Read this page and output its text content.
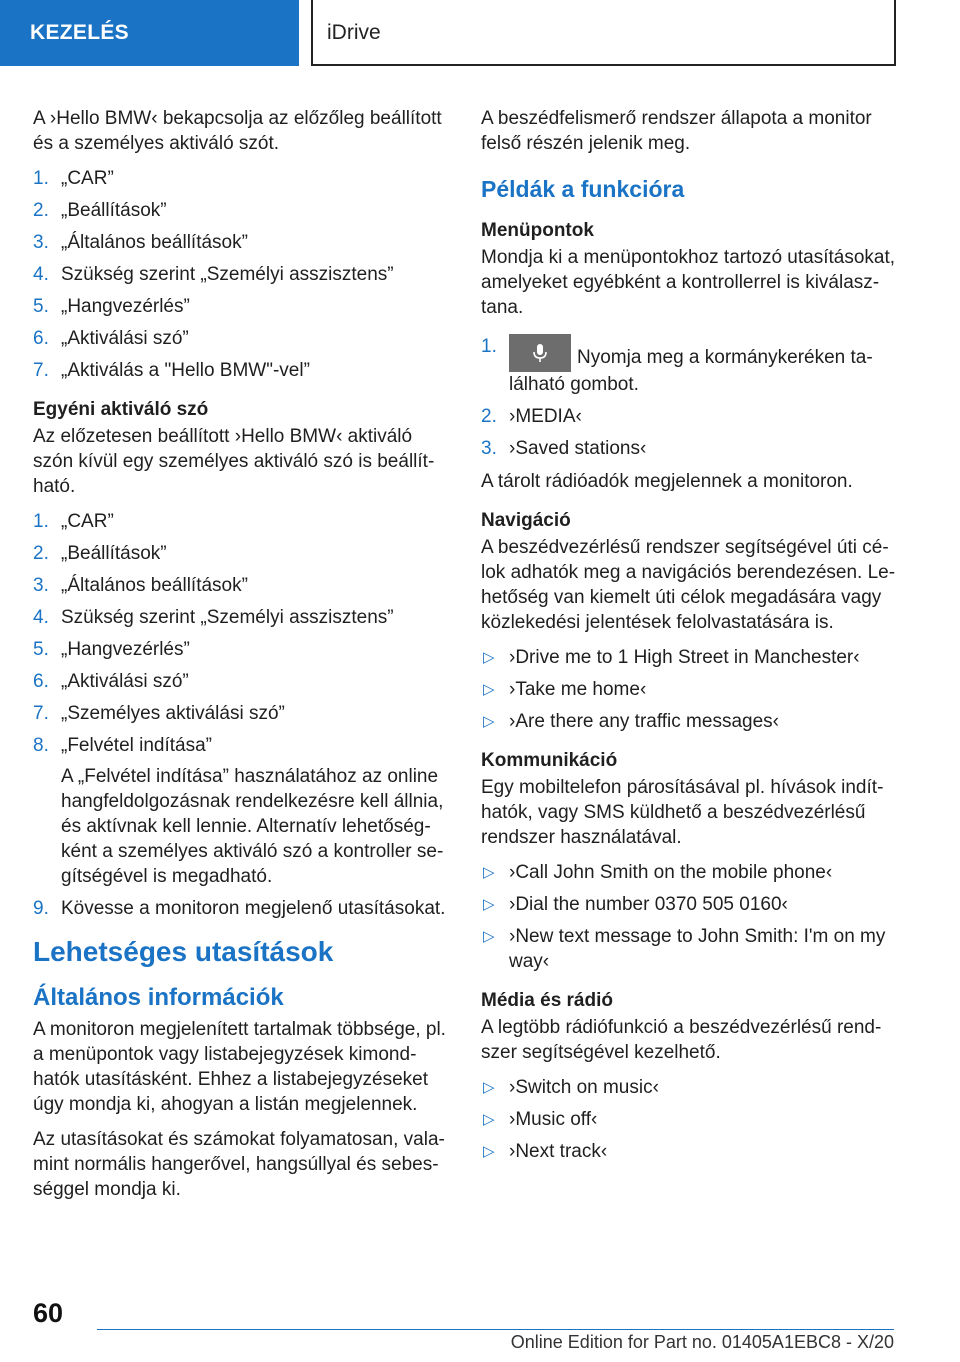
KEZELÉS	iDrive

A ›Hello BMW‹ bekapcsolja az előzőleg beállított és a személyes aktiváló szót.

1. „CAR”
2. „Beállítások”
3. „Általános beállítások”
4. Szükség szerint „Személyi asszisztens”
5. „Hangvezérlés”
6. „Aktiválási szó”
7. „Aktiválás a "Hello BMW"-vel”

Egyéni aktiváló szó

Az előzetesen beállított ›Hello BMW‹ aktiváló szón kívül egy személyes aktiváló szó is beállítható.

1. „CAR”
2. „Beállítások”
3. „Általános beállítások”
4. Szükség szerint „Személyi asszisztens”
5. „Hangvezérlés”
6. „Aktiválási szó”
7. „Személyes aktiválási szó”
8. „Felvétel indítása”
A „Felvétel indítása” használatához az online hangfeldolgozásnak rendelkezésre kell állnia, és aktívnak kell lennie. Alternatív lehetőségként a személyes aktiváló szó a kontroller segítségével is megadható.
9. Kövesse a monitoron megjelenő utasításokat.
Lehetséges utasítások
Általános információk

A monitoron megjelenített tartalmak többsége, pl. a menüpontok vagy listabejegyzések kimondhatók utasításként. Ehhez a listabejegyzéseket úgy mondja ki, ahogyan a listán megjelennek.

Az utasításokat és számokat folyamatosan, valamint normális hangerővel, hangsúllyal és sebességgel mondja ki.

A beszédfelismerő rendszer állapota a monitor felső részén jelenik meg.

Példák a funkcióra

Menüpontok

Mondja ki a menüpontokhoz tartozó utasításokat, amelyeket egyébként a kontrollerrel is kiválasztana.

1.
Nyomja meg a kormánykeréken található gombot.
2. ›MEDIA‹
3. ›Saved stations‹

A tárolt rádióadók megjelennek a monitoron.

Navigáció

A beszédvezérlésű rendszer segítségével úti célok adhatók meg a navigációs berendezésen. Lehetőség van kiemelt úti célok megadására vagy közlekedési jelentések felolvastatására is.

▷ ›Drive me to 1 High Street in Manchester‹
▷ ›Take me home‹
▷ ›Are there any traffic messages‹

Kommunikáció

Egy mobiltelefon párosításával pl. hívások indíthatók, vagy SMS küldhető a beszédvezérlésű rendszer használatával.

▷ ›Call John Smith on the mobile phone‹
▷ ›Dial the number 0370 505 0160‹
▷ ›New text message to John Smith: I'm on my way‹

Média és rádió

A legtöbb rádiófunkció a beszédvezérlésű rendszer segítségével kezelhető.

▷ ›Switch on music‹
▷ ›Music off‹
▷ ›Next track‹
60
Online Edition for Part no. 01405A1EBC8 - X/20
